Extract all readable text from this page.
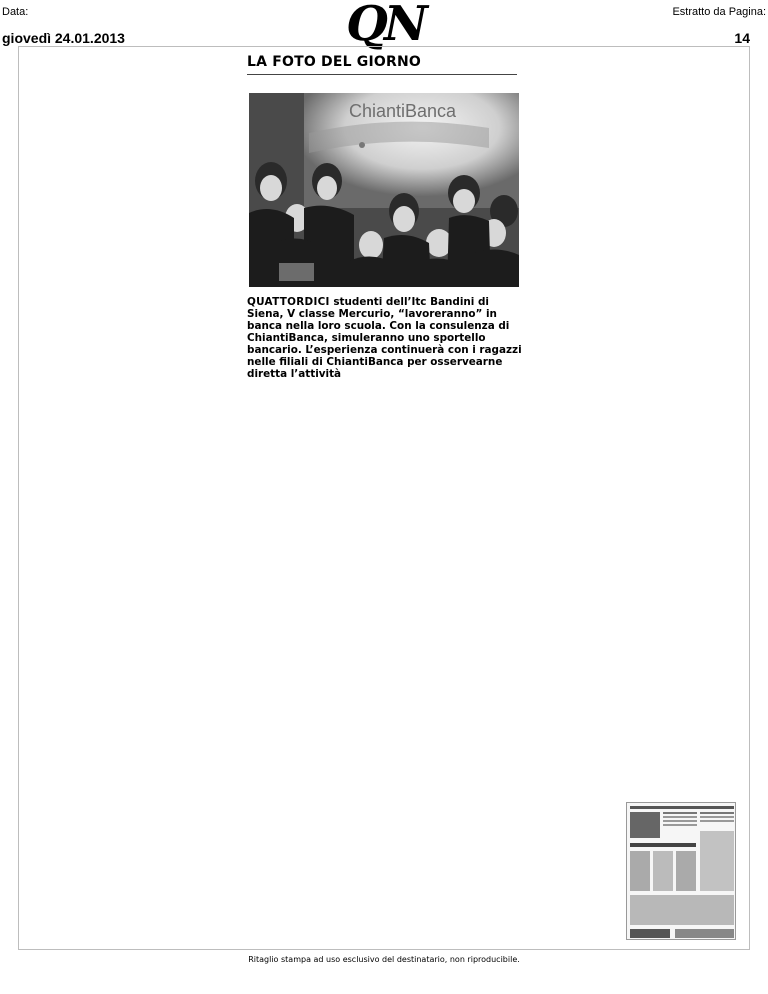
Data:
giovedì 24.01.2013	QN	Estratto da Pagina:
14
LA FOTO DEL GIORNO
ChiantiBanca
QUATTORDICI studenti dell’Itc Bandini di Siena, V classe Mercurio, “lavoreranno” in banca nella loro scuola. Con la consulenza di ChiantiBanca, simuleranno uno sportello bancario. L’esperienza continuerà con i ragazzi nelle filiali di ChiantiBanca per osservearne diretta l’attività
Ritaglio stampa ad uso esclusivo del destinatario, non riproducibile.
